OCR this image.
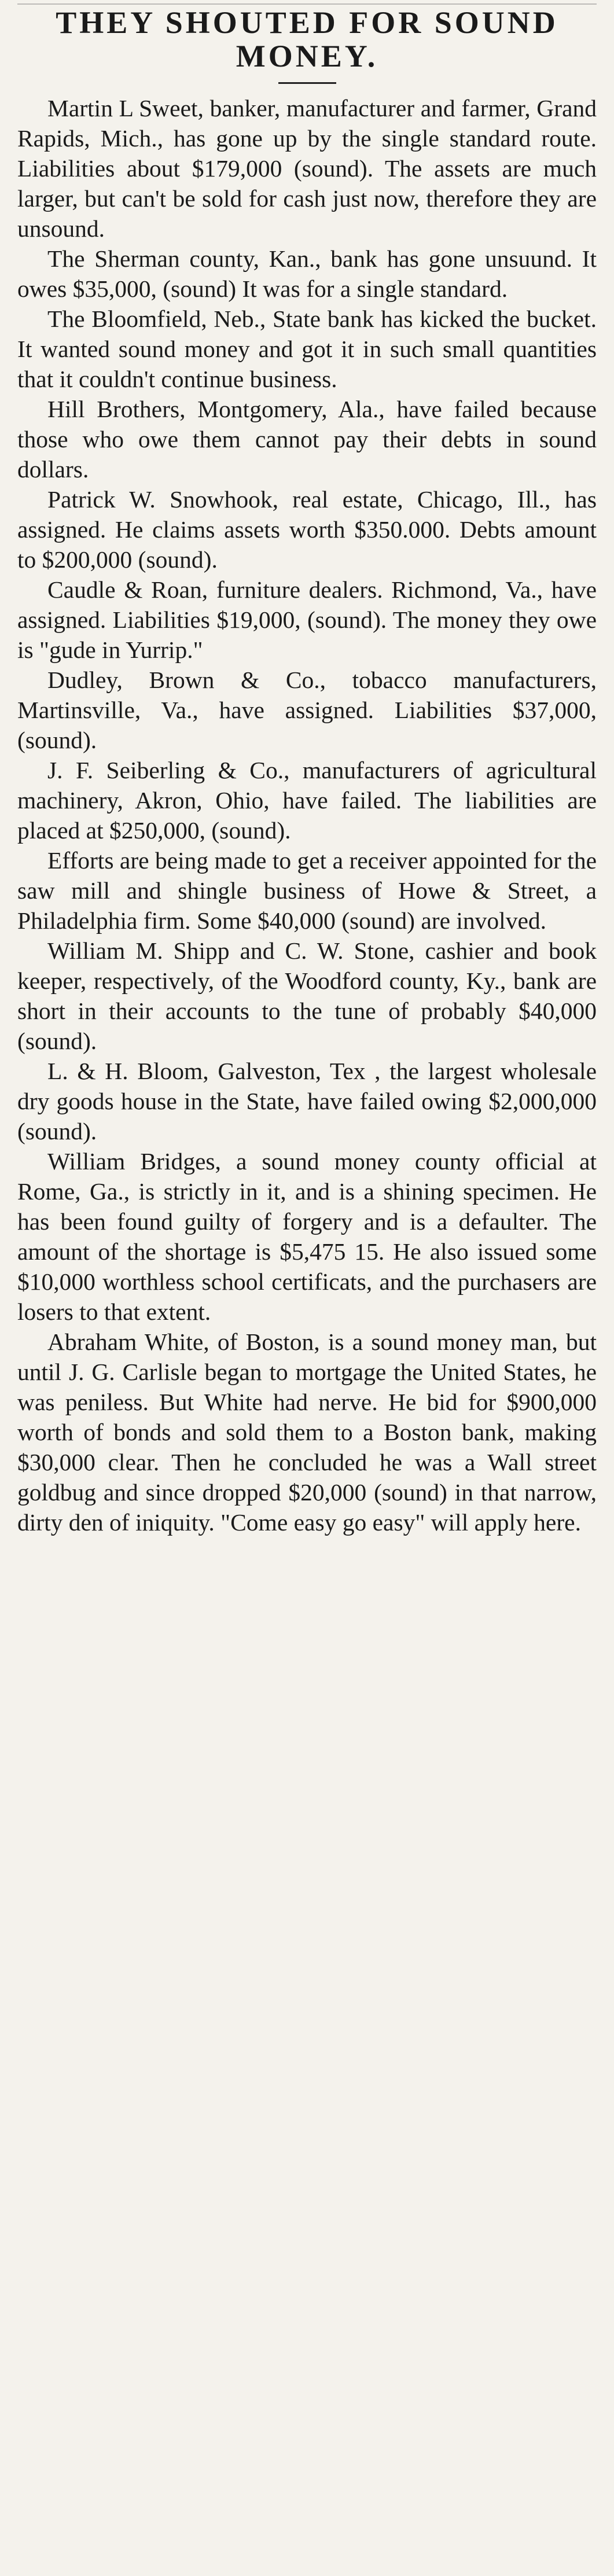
THEY SHOUTED FOR SOUND
MONEY.

Martin L Sweet, banker, manufacturer and farmer, Grand Rapids, Mich., has gone up by the single standard route. Liabilities about $179,000 (sound). The assets are much larger, but can't be sold for cash just now, therefore they are unsound.

The Sherman county, Kan., bank has gone unsuund. It owes $35,000, (sound) It was for a single standard.

The Bloomfield, Neb., State bank has kicked the bucket. It wanted sound money and got it in such small quantities that it couldn't continue business.

Hill Brothers, Montgomery, Ala., have failed because those who owe them cannot pay their debts in sound dollars.

Patrick W. Snowhook, real estate, Chicago, Ill., has assigned. He claims assets worth $350.000. Debts amount to $200,000 (sound).

Caudle & Roan, furniture dealers. Richmond, Va., have assigned. Liabilities $19,000, (sound). The money they owe is "gude in Yurrip."

Dudley, Brown & Co., tobacco manufacturers, Martinsville, Va., have assigned. Liabilities $37,000, (sound).

J. F. Seiberling & Co., manufacturers of agricultural machinery, Akron, Ohio, have failed. The liabilities are placed at $250,000, (sound).

Efforts are being made to get a receiver appointed for the saw mill and shingle business of Howe & Street, a Philadelphia firm. Some $40,000 (sound) are involved.

William M. Shipp and C. W. Stone, cashier and book keeper, respectively, of the Woodford county, Ky., bank are short in their accounts to the tune of probably $40,000 (sound).

L. & H. Bloom, Galveston, Tex , the largest wholesale dry goods house in the State, have failed owing $2,000,000 (sound).

William Bridges, a sound money county official at Rome, Ga., is strictly in it, and is a shining specimen. He has been found guilty of forgery and is a defaulter. The amount of the shortage is $5,475 15. He also issued some $10,000 worthless school certificats, and the purchasers are losers to that extent.

Abraham White, of Boston, is a sound money man, but until J. G. Carlisle began to mortgage the United States, he was peniless. But White had nerve. He bid for $900,000 worth of bonds and sold them to a Boston bank, making $30,000 clear. Then he concluded he was a Wall street goldbug and since dropped $20,000 (sound) in that narrow, dirty den of iniquity. "Come easy go easy" will apply here.
